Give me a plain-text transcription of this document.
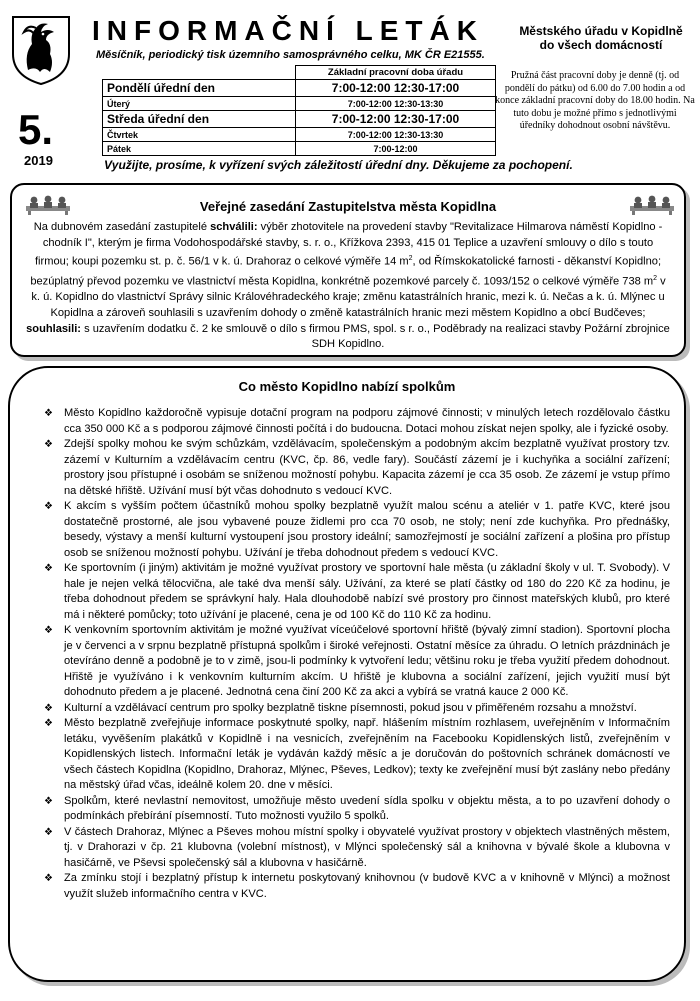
INFORMAČNÍ LETÁK
Měsíčník, periodický tisk územního samosprávného celku, MK ČR E21555.
5.
2019
Městského úřadu v Kopidlně
do všech domácností
Pružná část pracovní doby je denně (tj. od pondělí do pátku) od 6.00 do 7.00 hodin a od konce základní pracovní doby do 18.00 hodin. Na tuto dobu je možné přímo s jednotlivými úředníky dohodnout osobní návštěvu.
	Základní pracovní doba úřadu
Pondělí úřední den	7:00-12:00 12:30-17:00
Úterý	7:00-12:00 12:30-13:30
Středa úřední den	7:00-12:00 12:30-17:00
Čtvrtek	7:00-12:00 12:30-13:30
Pátek	7:00-12:00
Využijte, prosíme, k vyřízení svých záležitostí úřední dny. Děkujeme za pochopení.
Veřejné zasedání Zastupitelstva města Kopidlna
Na dubnovém zasedání zastupitelé schválili: výběr zhotovitele na provedení stavby "Revitalizace Hilmarova náměstí Kopidlno - chodník I", kterým je firma Vodohospodářské stavby, s. r. o., Křížkova 2393, 415 01 Teplice a uzavření smlouvy o dílo s touto firmou; koupi pozemku st. p. č. 56/1 v k. ú. Drahoraz o celkové výměře 14 $m^2$, od Římskokatolické farnosti - děkanství Kopidlno; bezúplatný převod pozemku ve vlastnictví města Kopidlna, konkrétně pozemkové parcely č. 1093/152 o celkové výměře 738 $m^2$ v k. ú. Kopidlno do vlastnictví Správy silnic Královéhradeckého kraje; změnu katastrálních hranic, mezi k. ú. Nečas a k. ú. Mlýnec u Kopidlna a zároveň souhlasili s uzavřením dohody o změně katastrálních hranic mezi městem Kopidlno a obcí Budčeves; souhlasili: s uzavřením dodatku č. 2 ke smlouvě o dílo s firmou PMS, spol. s r. o., Poděbrady na realizaci stavby Požární zbrojnice SDH Kopidlno.
Co město Kopidlno nabízí spolkům
❖ Město Kopidlno každoročně vypisuje dotační program na podporu zájmové činnosti; v minulých letech rozdělovalo částku cca 350 000 Kč a s podporou zájmové činnosti počítá i do budoucna. Dotaci mohou získat nejen spolky, ale i fyzické osoby.
❖ Zdejší spolky mohou ke svým schůzkám, vzdělávacím, společenským a podobným akcím bezplatně využívat prostory tzv. zázemí v Kulturním a vzdělávacím centru (KVC, čp. 86, vedle fary). Součástí zázemí je i kuchyňka a sociální zařízení; prostory jsou přístupné i osobám se sníženou možností pohybu. Kapacita zázemí je cca 35 osob. Ze zázemí je vstup přímo na dětské hřiště. Užívání musí být včas dohodnuto s vedoucí KVC.
❖ K akcím s vyšším počtem účastníků mohou spolky bezplatně využít malou scénu a ateliér v 1. patře KVC, které jsou dostatečně prostorné, ale jsou vybavené pouze židlemi pro cca 70 osob, ne stoly; není zde kuchyňka. Pro přednášky, besedy, výstavy a menší kulturní vystoupení jsou prostory ideální; samozřejmostí je sociální zařízení a plošina pro přístup osob se sníženou možností pohybu. Užívání je třeba dohodnout předem s vedoucí KVC.
❖ Ke sportovním (i jiným) aktivitám je možné využívat prostory ve sportovní hale města (u základní školy v ul. T. Svobody). V hale je nejen velká tělocvična, ale také dva menší sály. Užívání, za které se platí částky od 180 do 220 Kč za hodinu, je třeba dohodnout předem se správkyní haly. Hala dlouhodobě nabízí své prostory pro činnost mateřských klubů, pro které má i některé pomůcky; toto užívání je placené, cena je od 100 Kč do 110 Kč za hodinu.
❖ K venkovním sportovním aktivitám je možné využívat víceúčelové sportovní hřiště (bývalý zimní stadion). Sportovní plocha je v červenci a v srpnu bezplatně přístupná spolkům i široké veřejnosti. Ostatní měsíce za úhradu. O letních prázdninách je otevíráno denně a podobně je to v zimě, jsou-li podmínky k vytvoření ledu; většinu roku je třeba využití předem dohodnout. Hřiště je využíváno i k venkovním kulturním akcím. U hřiště je klubovna a sociální zařízení, jejich využití musí být dohodnuto předem a je placené. Jednotná cena činí 200 Kč za akci a vybírá se vratná kauce 2 000 Kč.
❖ Kulturní a vzdělávací centrum pro spolky bezplatně tiskne písemnosti, pokud jsou v přiměřeném rozsahu a množství.
❖ Město bezplatně zveřejňuje informace poskytnuté spolky, např. hlášením místním rozhlasem, uveřejněním v Informačním letáku, vyvěšením plakátků v Kopidlně i na vesnicích, zveřejněním na Facebooku Kopidlenských listů, zveřejněním v Kopidlenských listech. Informační leták je vydáván každý měsíc a je doručován do poštovních schránek domácností ve všech částech Kopidlna (Kopidlno, Drahoraz, Mlýnec, Pševes, Ledkov); texty ke zveřejnění musí být zaslány nebo předány na městský úřad včas, ideálně kolem 20. dne v měsíci.
❖ Spolkům, které nevlastní nemovitost, umožňuje město uvedení sídla spolku v objektu města, a to po uzavření dohody o podmínkách přebírání písemností. Tuto možnosti využilo 5 spolků.
❖ V částech Drahoraz, Mlýnec a Pševes mohou místní spolky i obyvatelé využívat prostory v objektech vlastněných městem, tj. v Drahorazi v čp. 21 klubovna (volební místnost), v Mlýnci společenský sál a knihovna v bývalé škole a klubovna v hasičárně, ve Pševsi společenský sál a klubovna v hasičárně.
❖ Za zmínku stojí i bezplatný přístup k internetu poskytovaný knihovnou (v budově KVC a v knihovně v Mlýnci) a možnost využít služeb informačního centra v KVC.
